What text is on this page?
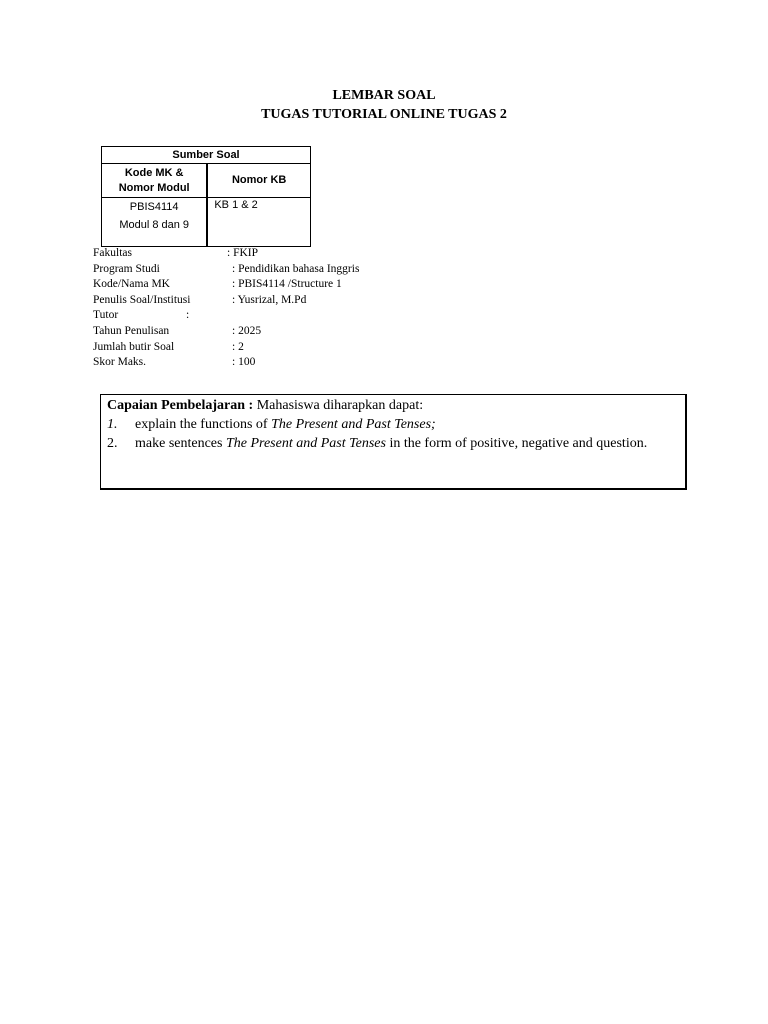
LEMBAR SOAL
TUGAS TUTORIAL ONLINE TUGAS 2
Sumber Soal	

Kode MK &
Nomor Modul	Nomor KB

PBIS4114
Modul 8 dan 9	KB 1 & 2
Fakultas	: FKIP
Program Studi	: Pendidikan bahasa Inggris
Kode/Nama MK	: PBIS4114 /Structure 1
Penulis Soal/Institusi	: Yusrizal, M.Pd
Tutor	:
Tahun Penulisan	: 2025
Jumlah butir Soal	: 2
Skor Maks.	: 100
Capaian Pembelajaran : Mahasiswa diharapkan dapat:
1. explain the functions of The Present and Past Tenses;
2. make sentences The Present and Past Tenses in the form of positive, negative and question.
